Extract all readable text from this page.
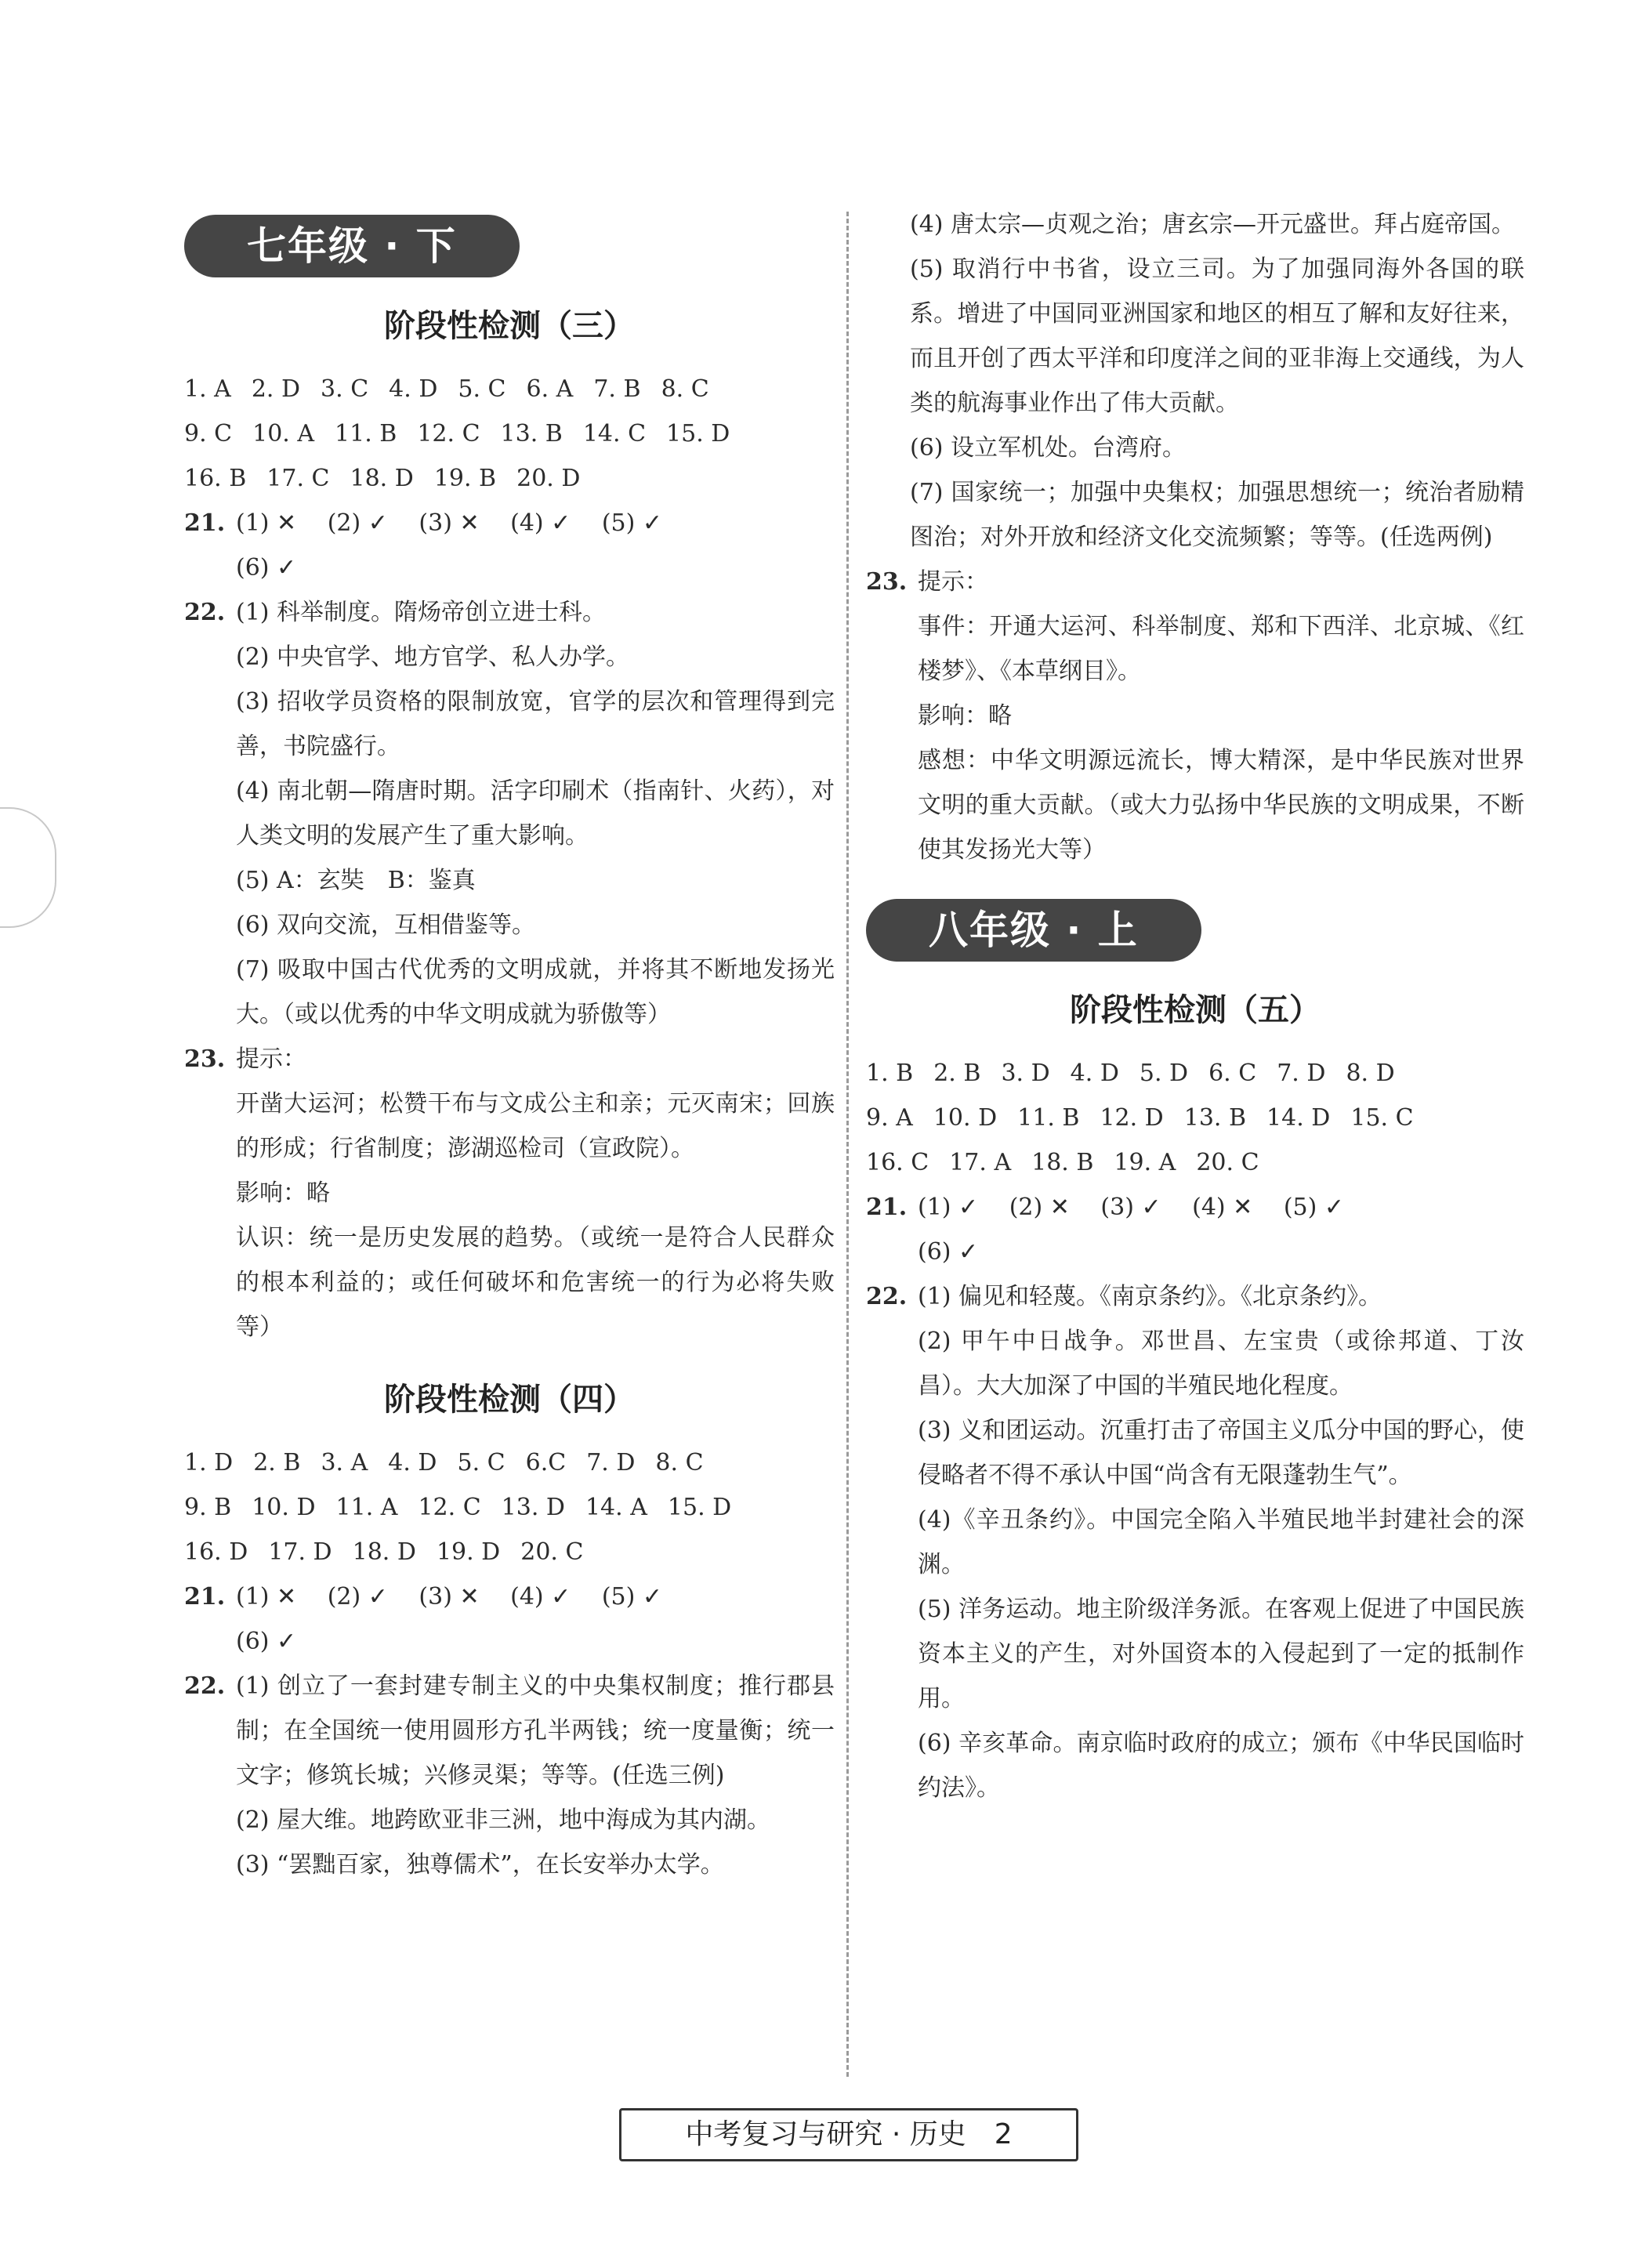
七年级 · 下
阶段性检测（三）
1. A 2. D 3. C 4. D 5. C 6. A 7. B 8. C
9. C 10. A 11. B 12. C 13. B 14. C 15. D
16. B 17. C 18. D 19. B 20. D
21. (1) ✕　 (2) ✓　 (3) ✕　 (4) ✓　 (5) ✓
(6) ✓
22. (1) 科举制度。隋炀帝创立进士科。
(2) 中央官学、地方官学、私人办学。
(3) 招收学员资格的限制放宽，官学的层次和管理得到完善，书院盛行。
(4) 南北朝—隋唐时期。活字印刷术（指南针、火药），对人类文明的发展产生了重大影响。
(5) A：玄奘　B：鉴真
(6) 双向交流，互相借鉴等。
(7) 吸取中国古代优秀的文明成就，并将其不断地发扬光大。（或以优秀的中华文明成就为骄傲等）
23. 提示：
开凿大运河；松赞干布与文成公主和亲；元灭南宋；回族的形成；行省制度；澎湖巡检司（宣政院）。
影响：略
认识：统一是历史发展的趋势。（或统一是符合人民群众的根本利益的；或任何破坏和危害统一的行为必将失败等）
阶段性检测（四）
1. D 2. B 3. A 4. D 5. C 6.C 7. D 8. C
9. B 10. D 11. A 12. C 13. D 14. A 15. D
16. D 17. D 18. D 19. D 20. C
21. (1) ✕　 (2) ✓　 (3) ✕　 (4) ✓　 (5) ✓
(6) ✓
22. (1) 创立了一套封建专制主义的中央集权制度；推行郡县制；在全国统一使用圆形方孔半两钱；统一度量衡；统一文字；修筑长城；兴修灵渠；等等。(任选三例)
(2) 屋大维。地跨欧亚非三洲，地中海成为其内湖。
(3) “罢黜百家，独尊儒术”，在长安举办太学。
(4) 唐太宗—贞观之治；唐玄宗—开元盛世。拜占庭帝国。
(5) 取消行中书省，设立三司。为了加强同海外各国的联系。增进了中国同亚洲国家和地区的相互了解和友好往来，而且开创了西太平洋和印度洋之间的亚非海上交通线，为人类的航海事业作出了伟大贡献。
(6) 设立军机处。台湾府。
(7) 国家统一；加强中央集权；加强思想统一；统治者励精图治；对外开放和经济文化交流频繁；等等。(任选两例)
23. 提示：
事件：开通大运河、科举制度、郑和下西洋、北京城、《红楼梦》、《本草纲目》。
影响：略
感想：中华文明源远流长，博大精深，是中华民族对世界文明的重大贡献。（或大力弘扬中华民族的文明成果，不断使其发扬光大等）
八年级 · 上
阶段性检测（五）
1. B 2. B 3. D 4. D 5. D 6. C 7. D 8. D
9. A 10. D 11. B 12. D 13. B 14. D 15. C
16. C 17. A 18. B 19. A 20. C
21. (1) ✓　 (2) ✕　 (3) ✓　 (4) ✕　 (5) ✓
(6) ✓
22. (1) 偏见和轻蔑。《南京条约》。《北京条约》。
(2) 甲午中日战争。邓世昌、左宝贵（或徐邦道、丁汝昌）。大大加深了中国的半殖民地化程度。
(3) 义和团运动。沉重打击了帝国主义瓜分中国的野心，使侵略者不得不承认中国“尚含有无限蓬勃生气”。
(4)《辛丑条约》。中国完全陷入半殖民地半封建社会的深渊。
(5) 洋务运动。地主阶级洋务派。在客观上促进了中国民族资本主义的产生，对外国资本的入侵起到了一定的抵制作用。
(6) 辛亥革命。南京临时政府的成立；颁布《中华民国临时约法》。
中考复习与研究 · 历史　2
